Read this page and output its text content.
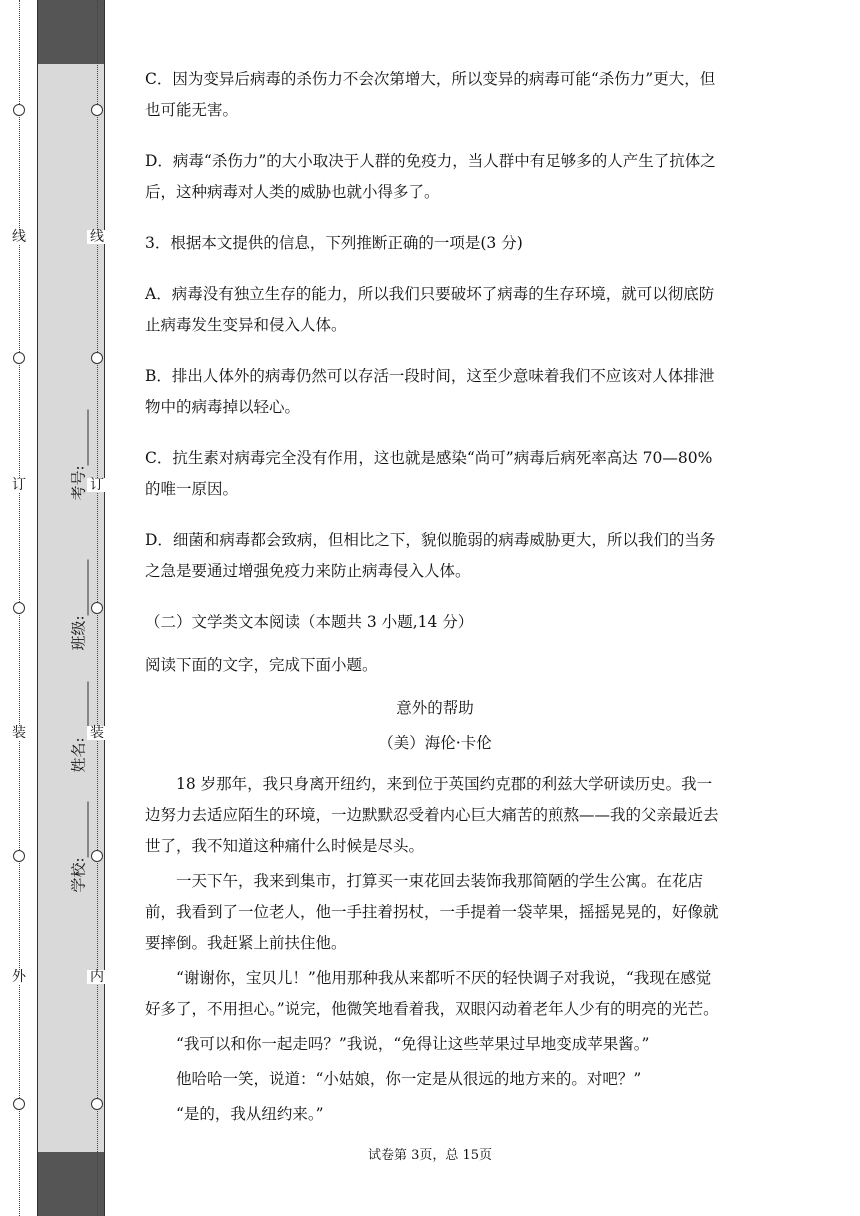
线
订
装
外
学校:
姓名:
班级:
考号:
线
订
装
内

C．因为变异后病毒的杀伤力不会次第增大，所以变异的病毒可能“杀伤力”更大，但也可能无害。

D．病毒“杀伤力”的大小取决于人群的免疫力，当人群中有足够多的人产生了抗体之后，这种病毒对人类的威胁也就小得多了。

3．根据本文提供的信息，下列推断正确的一项是(3 分)

A．病毒没有独立生存的能力，所以我们只要破坏了病毒的生存环境，就可以彻底防止病毒发生变异和侵入人体。

B．排出人体外的病毒仍然可以存活一段时间，这至少意味着我们不应该对人体排泄物中的病毒掉以轻心。

C．抗生素对病毒完全没有作用，这也就是感染“尚可”病毒后病死率高达 70—80%的唯一原因。

D．细菌和病毒都会致病，但相比之下，貌似脆弱的病毒威胁更大，所以我们的当务之急是要通过增强免疫力来防止病毒侵入人体。

（二）文学类文本阅读（本题共 3 小题,14 分）

阅读下面的文字，完成下面小题。

意外的帮助

（美）海伦·卡伦

18 岁那年，我只身离开纽约，来到位于英国约克郡的利兹大学研读历史。我一边努力去适应陌生的环境，一边默默忍受着内心巨大痛苦的煎熬——我的父亲最近去世了，我不知道这种痛什么时候是尽头。

一天下午，我来到集市，打算买一束花回去装饰我那简陋的学生公寓。在花店前，我看到了一位老人，他一手拄着拐杖，一手提着一袋苹果，摇摇晃晃的，好像就要摔倒。我赶紧上前扶住他。

“谢谢你，宝贝儿！”他用那种我从来都听不厌的轻快调子对我说，“我现在感觉好多了，不用担心。”说完，他微笑地看着我，双眼闪动着老年人少有的明亮的光芒。

“我可以和你一起走吗？”我说，“免得让这些苹果过早地变成苹果酱。”

他哈哈一笑，说道：“小姑娘，你一定是从很远的地方来的。对吧？”

“是的，我从纽约来。”

试卷第 3页，总 15页
